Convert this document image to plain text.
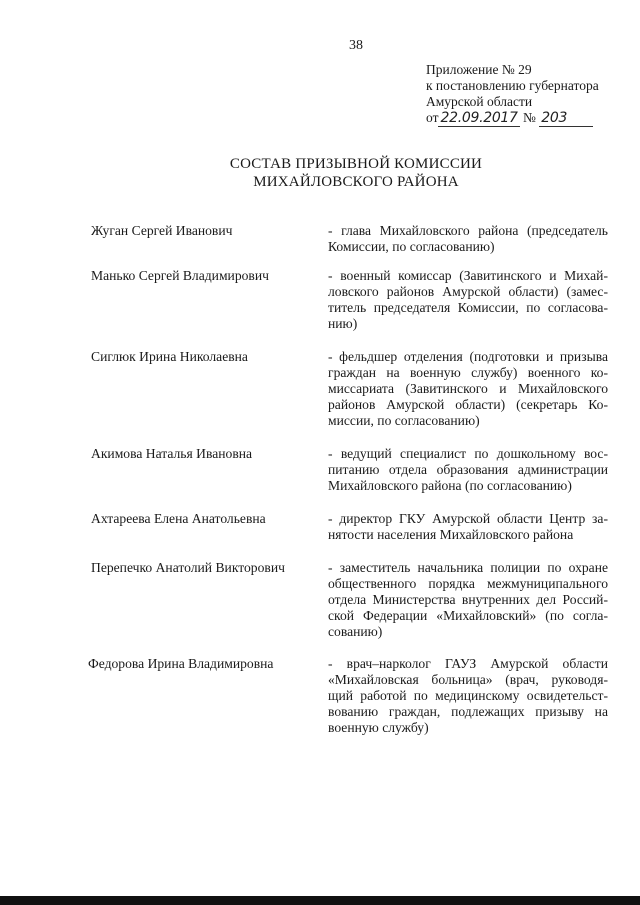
38
Приложение № 29
к постановлению губернатора
Амурской области
от 22.09.2017 № 203
СОСТАВ ПРИЗЫВНОЙ КОМИССИИ
МИХАЙЛОВСКОГО РАЙОНА
Жуган Сергей Иванович	- глава Михайловского района (председатель
Комиссии, по согласованию)
Манько Сергей Владимирович	- военный комиссар (Завитинского и Михай-
ловского районов Амурской области) (замес-
титель председателя Комиссии, по согласова-
нию)
Сиглюк Ирина Николаевна	- фельдшер отделения (подготовки и призыва
граждан на военную службу) военного ко-
миссариата (Завитинского и Михайловского
районов Амурской области) (секретарь Ко-
миссии, по согласованию)
Акимова Наталья Ивановна	- ведущий специалист по дошкольному вос-
питанию отдела образования администрации
Михайловского района (по согласованию)
Ахтареева Елена Анатольевна	- директор ГКУ Амурской области Центр за-
нятости населения Михайловского района
Перепечко Анатолий Викторович	- заместитель начальника полиции по охране
общественного порядка межмуниципального
отдела Министерства внутренних дел Россий-
ской Федерации «Михайловский» (по согла-
сованию)
Федорова Ирина Владимировна	- врач–нарколог ГАУЗ Амурской области
«Михайловская больница» (врач, руководя-
щий работой по медицинскому освидетельст-
вованию граждан, подлежащих призыву на
военную службу)
